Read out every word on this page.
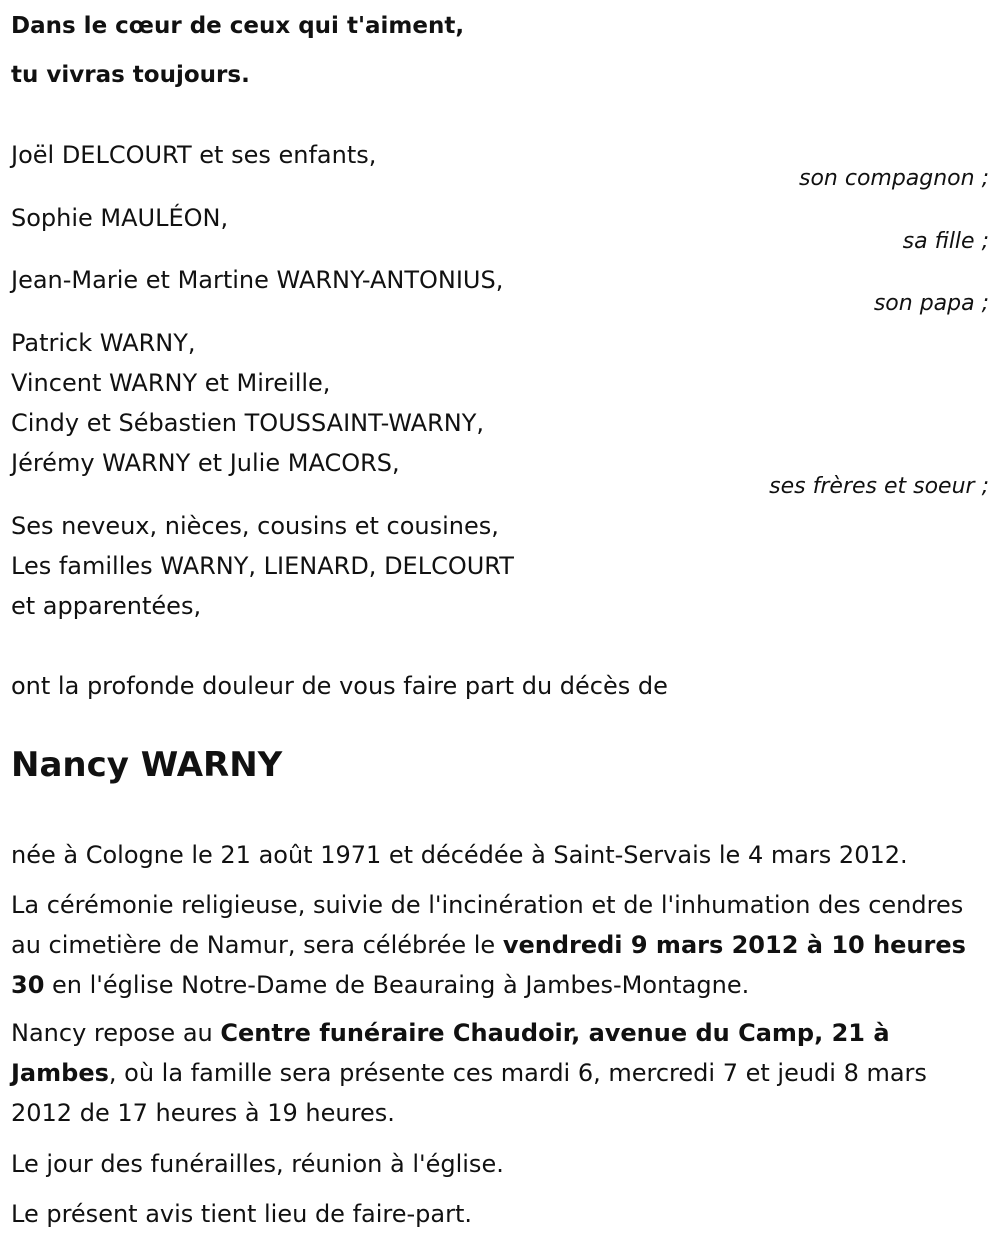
Dans le cœur de ceux qui t'aiment,
tu vivras toujours.
Joël DELCOURT et ses enfants,
son compagnon ;
Sophie MAULÉON,
sa fille ;
Jean-Marie et Martine WARNY-ANTONIUS,
son papa ;
Patrick WARNY,
Vincent WARNY et Mireille,
Cindy et Sébastien TOUSSAINT-WARNY,
Jérémy WARNY et Julie MACORS,
ses frères et soeur ;
Ses neveux, nièces, cousins et cousines,
Les familles WARNY, LIENARD, DELCOURT
et apparentées,
ont la profonde douleur de vous faire part du décès de
Nancy WARNY

née à Cologne le 21 août 1971 et décédée à Saint-Servais le 4 mars 2012.

La cérémonie religieuse, suivie de l'incinération et de l'inhumation des cendres au cimetière de Namur, sera célébrée le vendredi 9 mars 2012 à 10 heures 30 en l'église Notre-Dame de Beauraing à Jambes-Montagne.

Nancy repose au Centre funéraire Chaudoir, avenue du Camp, 21 à Jambes, où la famille sera présente ces mardi 6, mercredi 7 et jeudi 8 mars 2012 de 17 heures à 19 heures.

Le jour des funérailles, réunion à l'église.

Le présent avis tient lieu de faire-part.
